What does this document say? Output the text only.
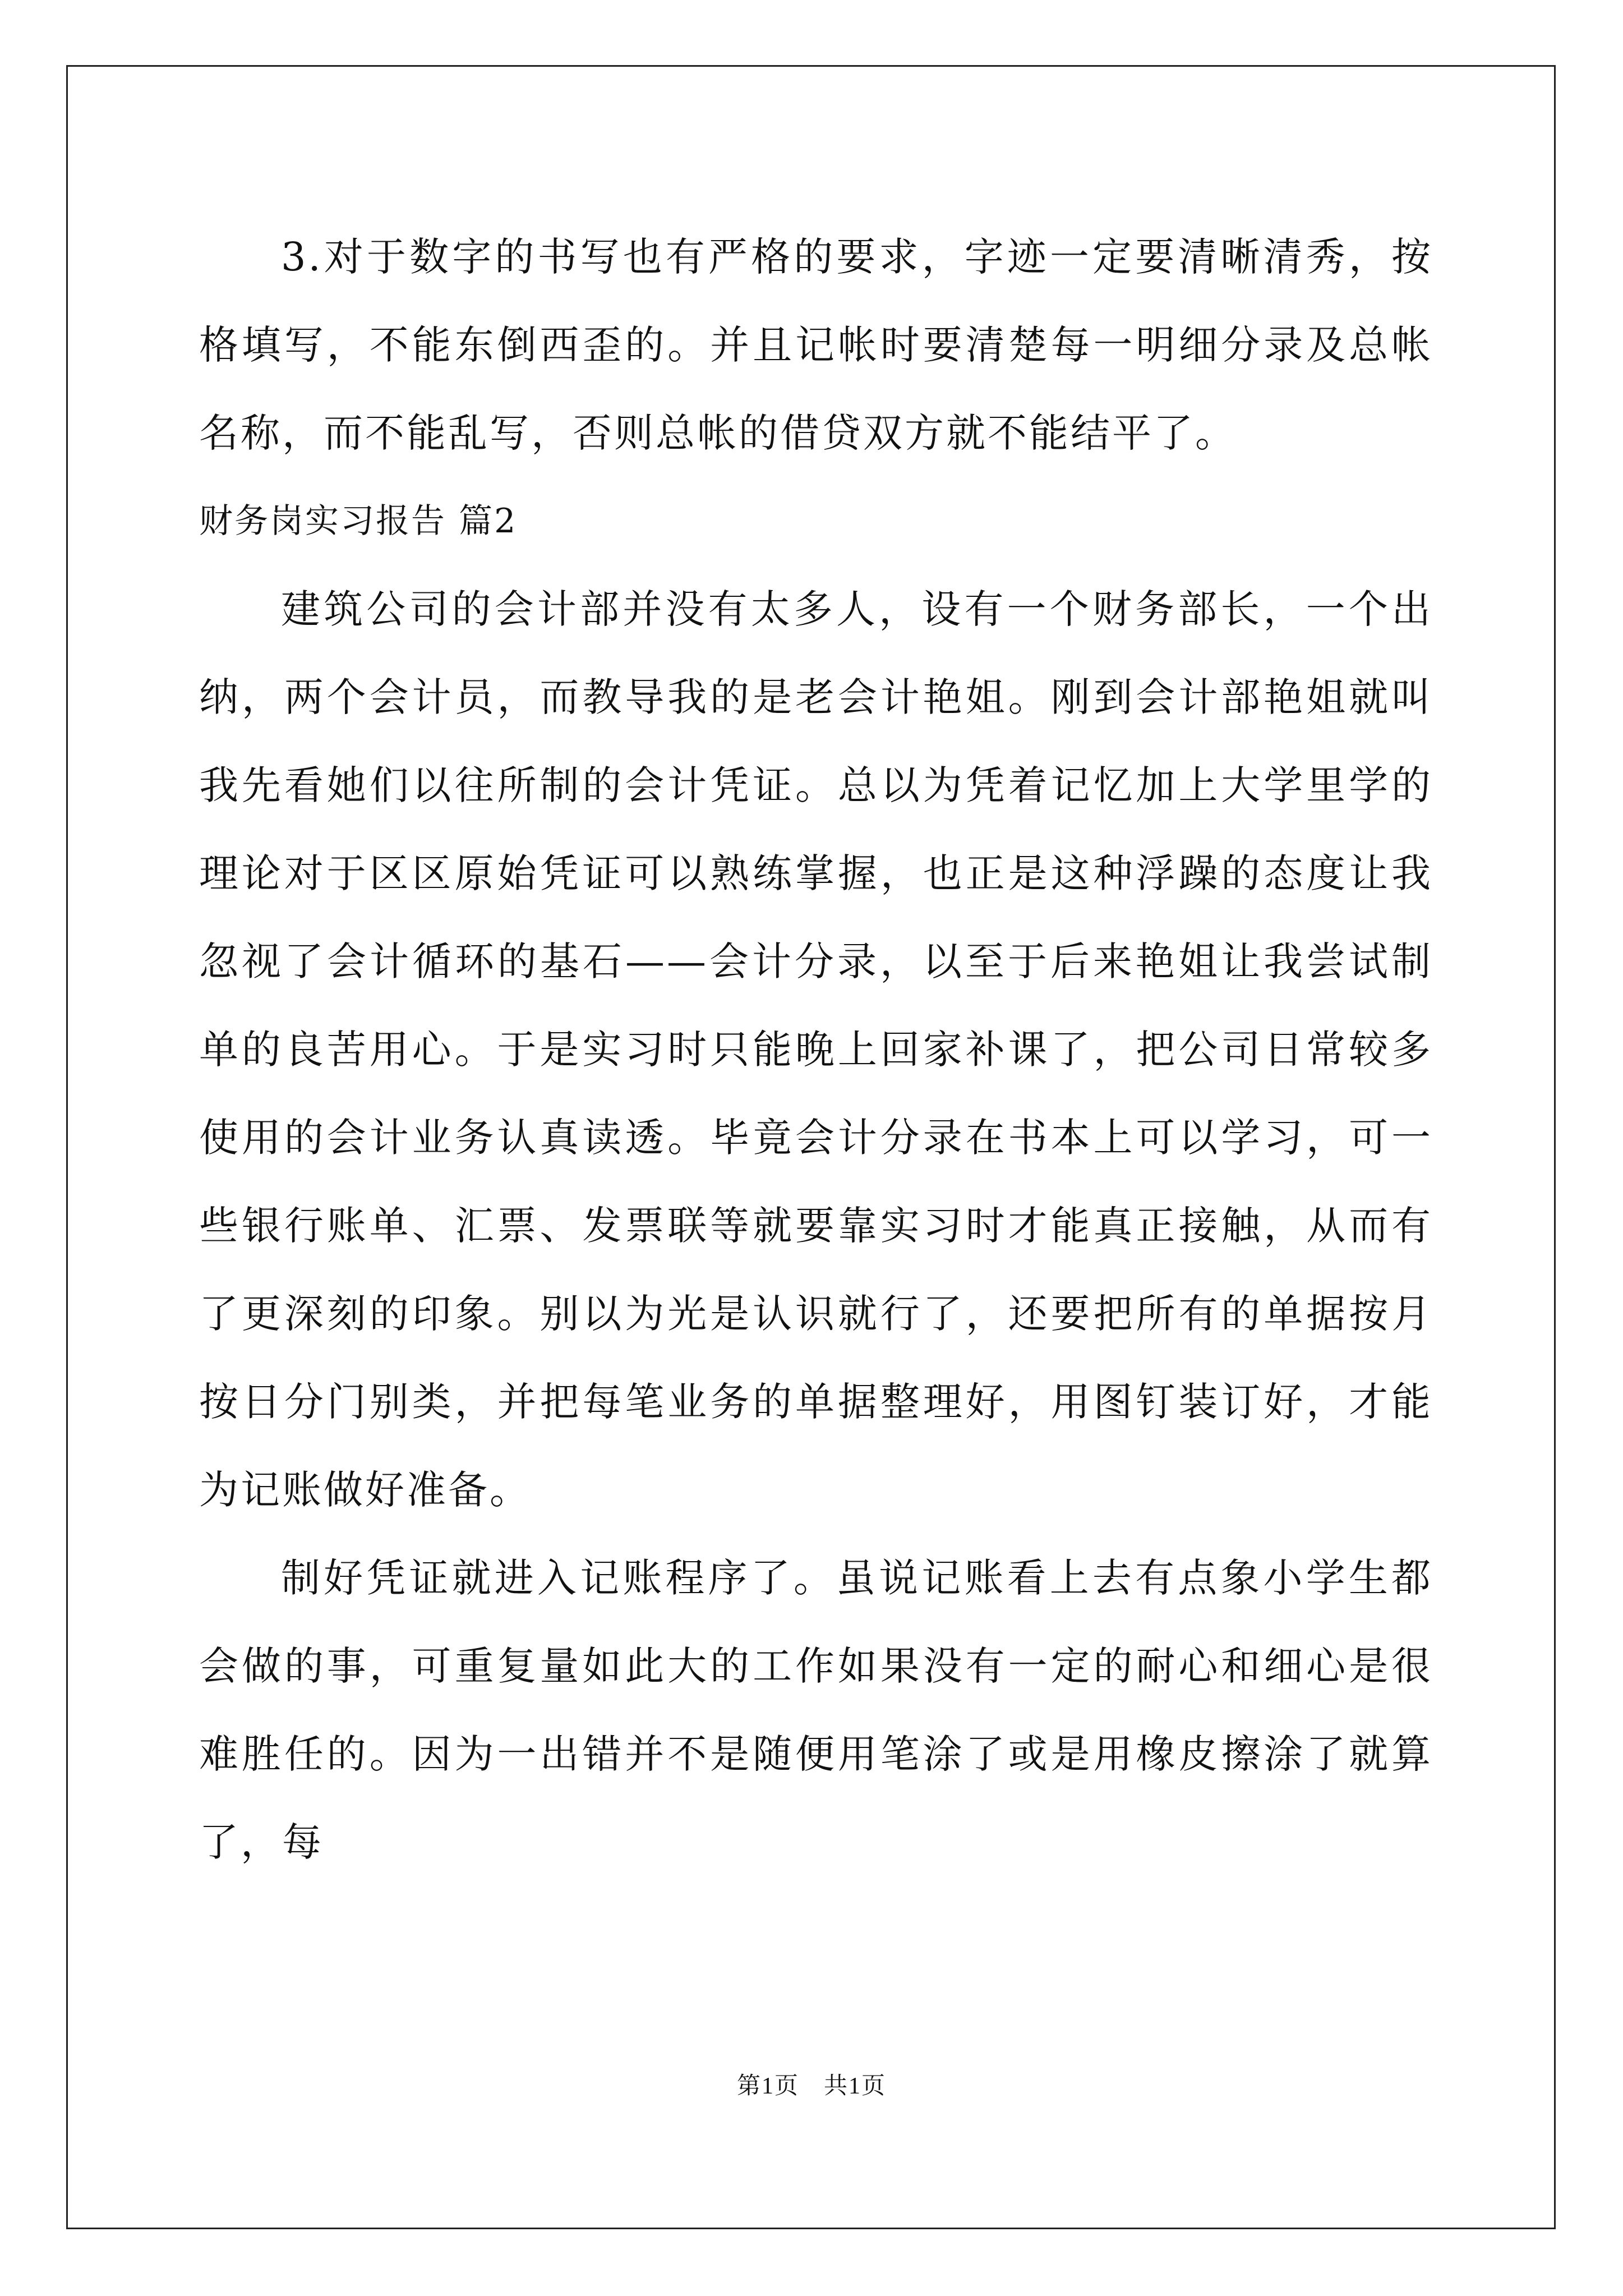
3.对于数字的书写也有严格的要求，字迹一定要清晰清秀，按格填写，不能东倒西歪的。并且记帐时要清楚每一明细分录及总帐名称，而不能乱写，否则总帐的借贷双方就不能结平了。

财务岗实习报告 篇2

建筑公司的会计部并没有太多人，设有一个财务部长，一个出纳，两个会计员，而教导我的是老会计艳姐。刚到会计部艳姐就叫我先看她们以往所制的会计凭证。总以为凭着记忆加上大学里学的理论对于区区原始凭证可以熟练掌握，也正是这种浮躁的态度让我忽视了会计循环的基石——会计分录，以至于后来艳姐让我尝试制单的良苦用心。于是实习时只能晚上回家补课了，把公司日常较多使用的会计业务认真读透。毕竟会计分录在书本上可以学习，可一些银行账单、汇票、发票联等就要靠实习时才能真正接触，从而有了更深刻的印象。别以为光是认识就行了，还要把所有的单据按月按日分门别类，并把每笔业务的单据整理好，用图钉装订好，才能为记账做好准备。

制好凭证就进入记账程序了。虽说记账看上去有点象小学生都会做的事，可重复量如此大的工作如果没有一定的耐心和细心是很难胜任的。因为一出错并不是随便用笔涂了或是用橡皮擦涂了就算了，每

第1页　共1页
